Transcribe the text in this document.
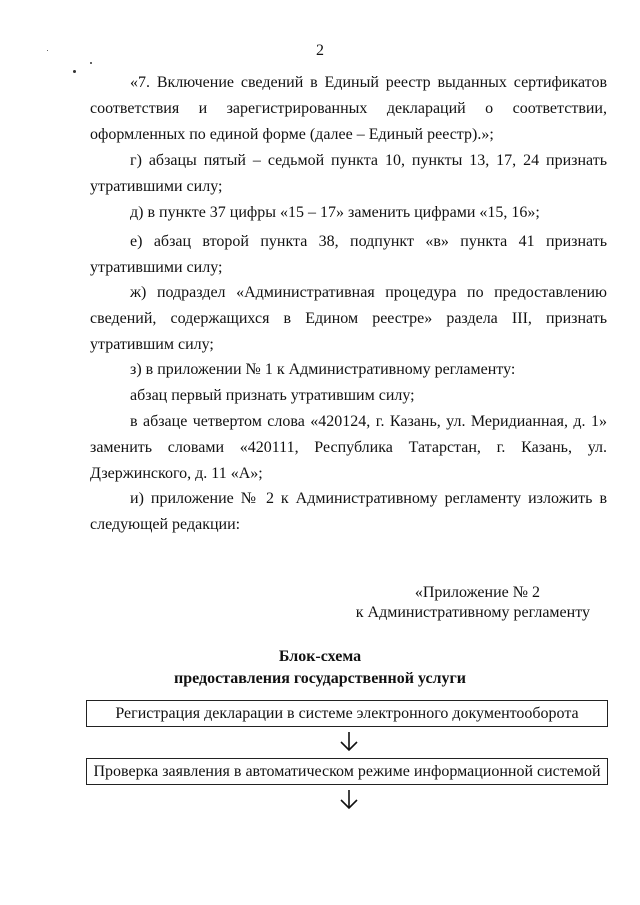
2
«7. Включение сведений в Единый реестр выданных сертификатов соответствия и зарегистрированных деклараций о соответствии, оформленных по единой форме (далее – Единый реестр).»;
г) абзацы пятый – седьмой пункта 10, пункты 13, 17, 24 признать утратившими силу;
д) в пункте 37 цифры «15 – 17» заменить цифрами «15, 16»;
е) абзац второй пункта 38, подпункт «в» пункта 41 признать утратившими силу;
ж) подраздел «Административная процедура по предоставлению сведений, содержащихся в Едином реестре» раздела III, признать утратившим силу;
з) в приложении № 1 к Административному регламенту:
абзац первый признать утратившим силу;
в абзаце четвертом слова «420124, г. Казань, ул. Меридианная, д. 1» заменить словами «420111, Республика Татарстан, г. Казань, ул. Дзержинского, д. 11 «А»;
и) приложение № 2 к Административному регламенту изложить в следующей редакции:
«Приложение № 2
к Административному регламенту
Блок-схема
предоставления государственной услуги
Регистрация декларации в системе электронного документооборота
Проверка заявления в автоматическом режиме информационной системой
